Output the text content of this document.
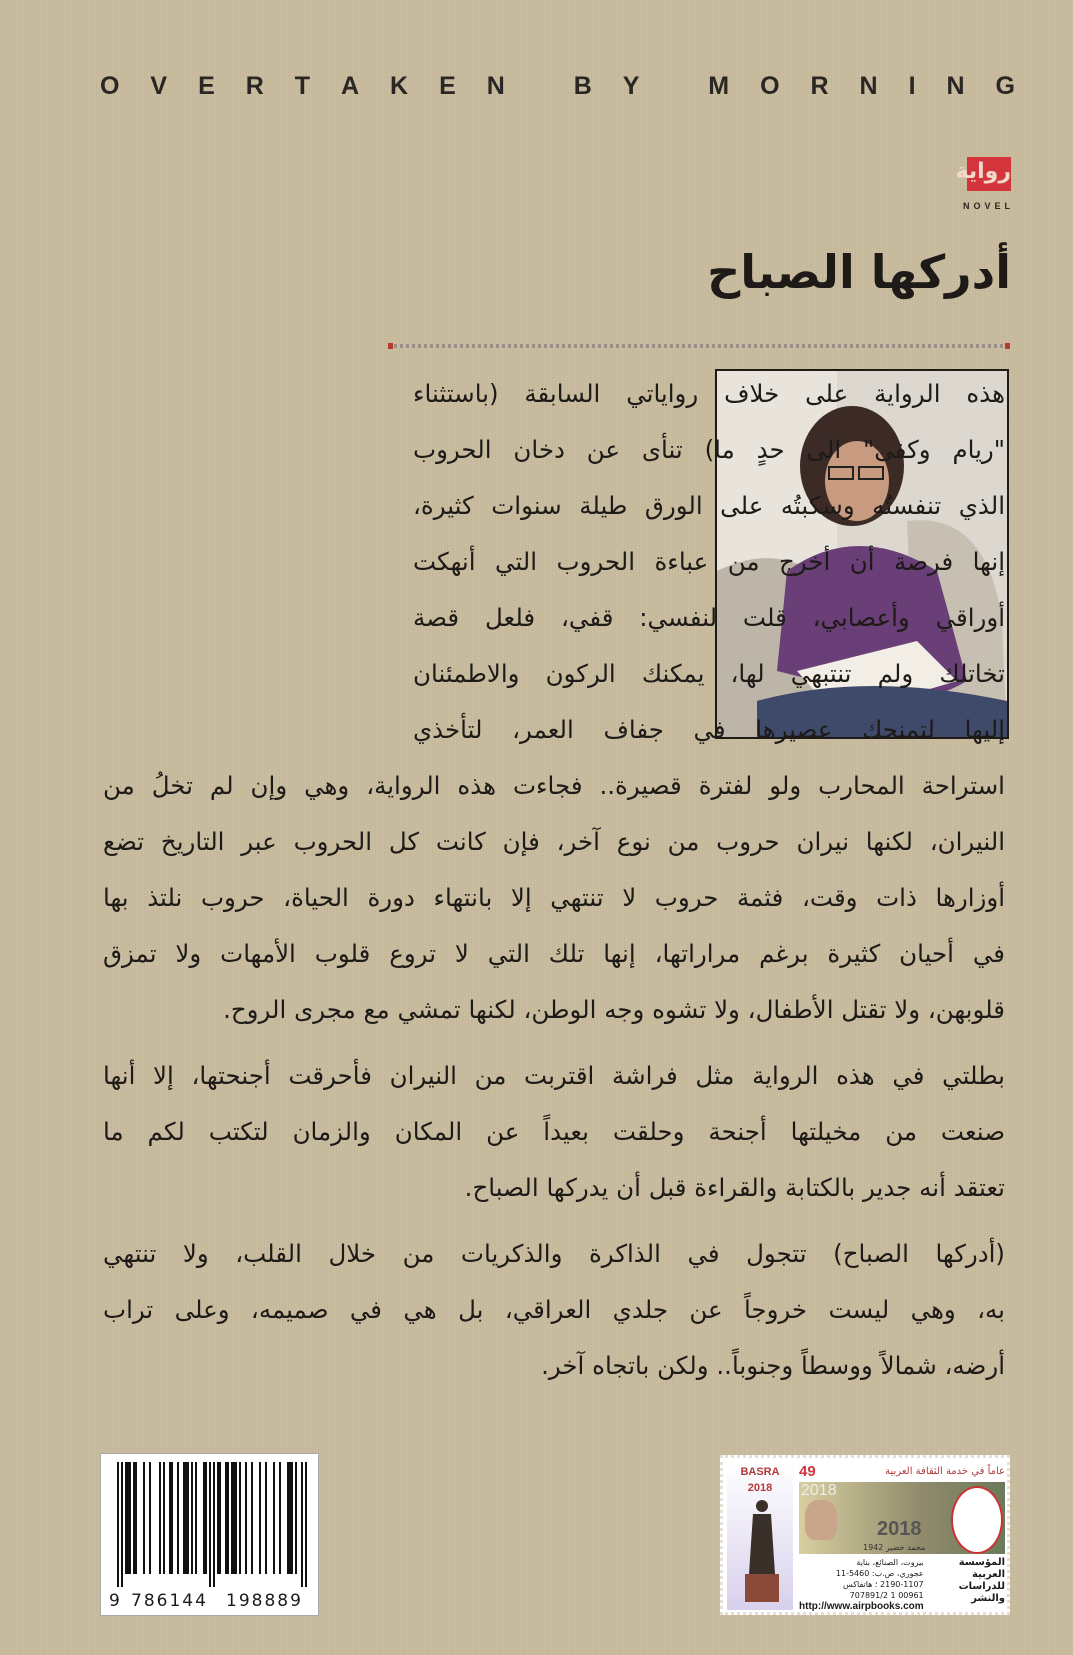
O V E R T A K E N
	B Y
	M O R N I N G
رواية
NOVEL
أدركها الصباح
هذه الرواية على خلاف رواياتي السابقة (باستثناء
"ريام وكفى" الى حدٍ ما) تنأى عن دخان الحروب
الذي تنفستُه وسكبتُه على الورق طيلة سنوات كثيرة،
إنها فرصة أن أخرج من عباءة الحروب التي أنهكت
أوراقي وأعصابي، قلت لنفسي: قفي، فلعل قصة
تخاتلك ولم تنتبهي لها، يمكنك الركون والاطمئنان
إليها لتمنحك عصيرها في جفاف العمر، لتأخذي
استراحة المحارب ولو لفترة قصيرة.. فجاءت هذه الرواية، وهي وإن لم تخلُ من
النيران، لكنها نيران حروب من نوع آخر، فإن كانت كل الحروب عبر التاريخ تضع
أوزارها ذات وقت، فثمة حروب لا تنتهي إلا بانتهاء دورة الحياة، حروب نلتذ بها
في أحيان كثيرة برغم مراراتها، إنها تلك التي لا تروع قلوب الأمهات ولا تمزق
قلوبهن، ولا تقتل الأطفال، ولا تشوه وجه الوطن، لكنها تمشي مع مجرى الروح.
بطلتي في هذه الرواية مثل فراشة اقتربت من النيران فأحرقت أجنحتها، إلا أنها
صنعت من مخيلتها أجنحة وحلقت بعيداً عن المكان والزمان لتكتب لكم ما
تعتقد أنه جدير بالكتابة والقراءة قبل أن يدركها الصباح.
(أدركها الصباح) تتجول في الذاكرة والذكريات من خلال القلب، ولا تنتهي
به، وهي ليست خروجاً عن جلدي العراقي، بل هي في صميمه، وعلى تراب
أرضه، شمالاً ووسطاً وجنوباً.. ولكن باتجاه آخر.
9 786144	198889
BASRA
2018
49	عاماً في خدمة الثقافة العربية
2018
2018
محمد خضير 1942
المؤسسة
العربية
للدراسات
والنشر
بيروت، الصنائع، بناية
عجوري، ص.ب: 5460-11
2190-1107 ؛ هاتفاكس
00961 1 707891/2
http://www.airpbooks.com
